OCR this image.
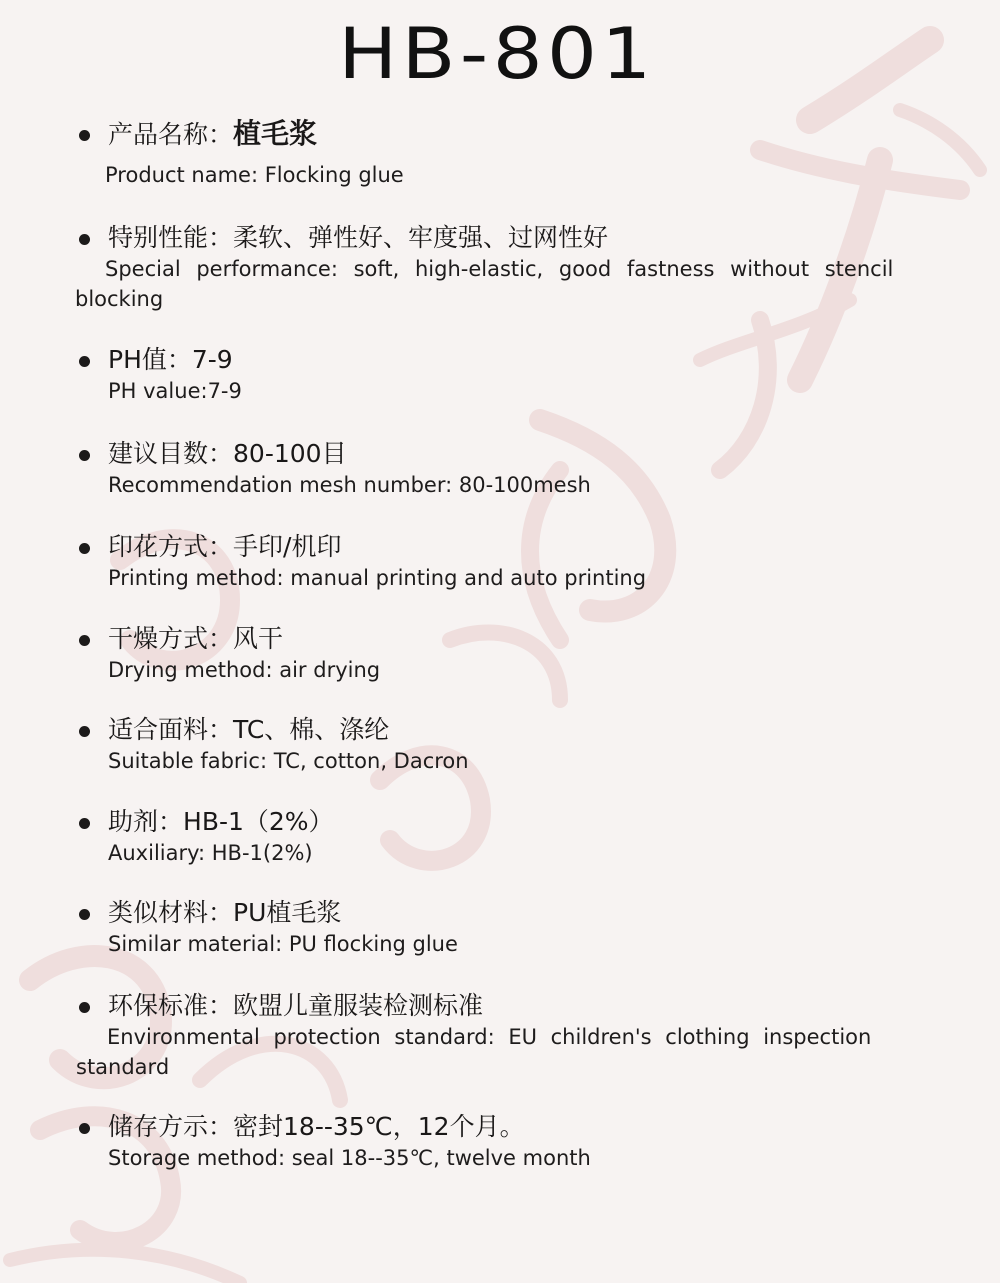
HB-801
产品名称：植毛浆
Product name: Flocking glue
特别性能：柔软、弹性好、牢度强、过网性好
Special performance: soft, high-elastic, good fastness without stencil
blocking
PH值：7-9
PH value:7-9
建议目数：80-100目
Recommendation mesh number: 80-100mesh
印花方式：手印/机印
Printing method: manual printing and auto printing
干燥方式：风干
Drying method: air drying
适合面料：TC、棉、涤纶
Suitable fabric: TC, cotton, Dacron
助剂：HB-1（2%）
Auxiliary: HB-1(2%)
类似材料：PU植毛浆
Similar material: PU flocking glue
环保标准：欧盟儿童服装检测标准
Environmental protection standard: EU children's clothing inspection
standard
储存方示：密封18--35℃，12个月。
Storage method: seal 18--35℃, twelve month
